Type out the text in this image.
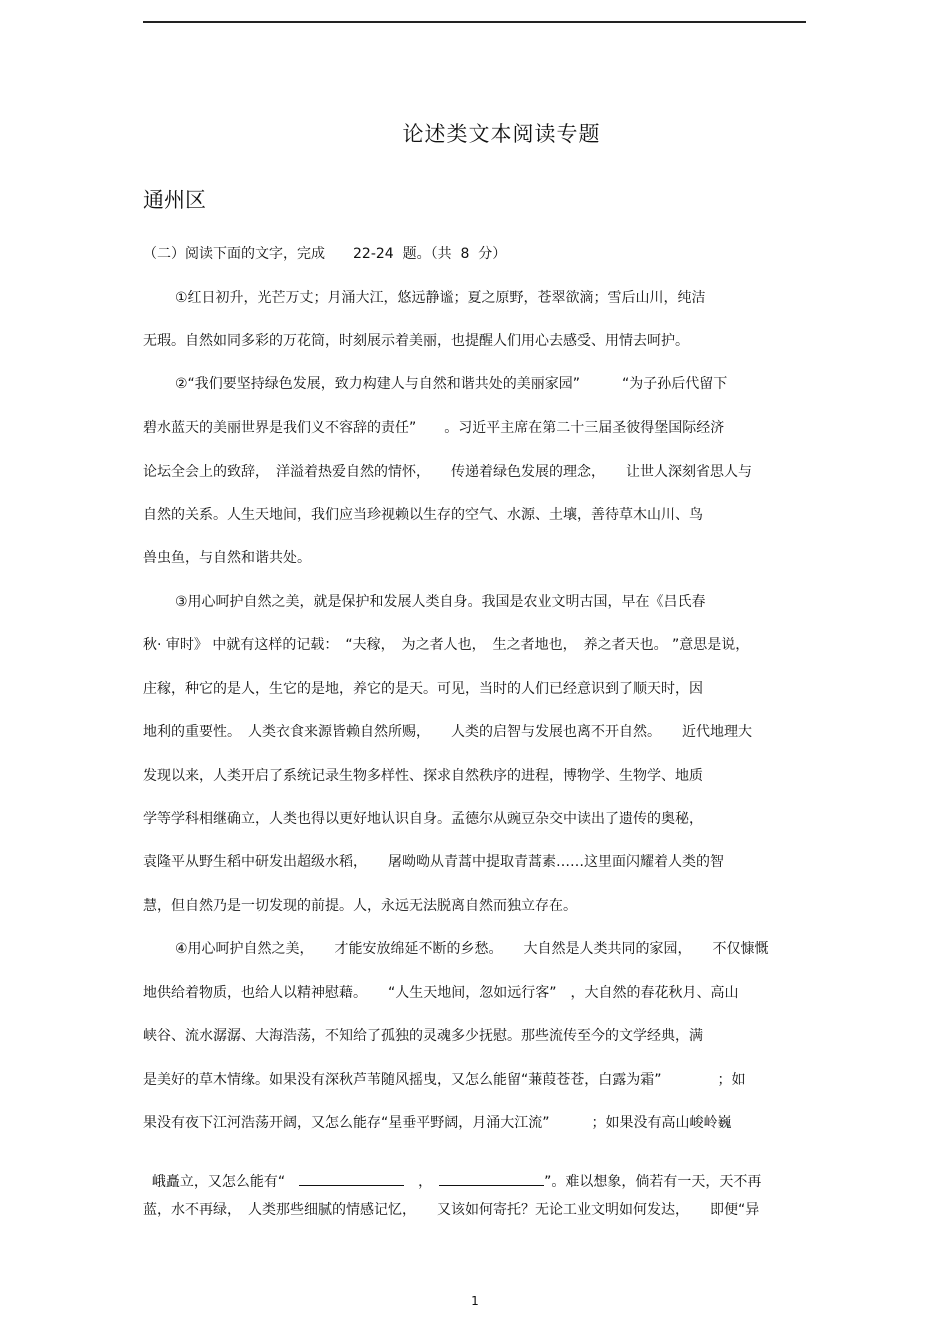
论述类文本阅读专题
通州区
（二）阅读下面的文字，完成　　22-24  题。（共  8  分）
①红日初升，光芒万丈；月涌大江，悠远静谧；夏之原野，苍翠欲滴；雪后山川，纯洁
无瑕。自然如同多彩的万花筒，时刻展示着美丽，也提醒人们用心去感受、用情去呵护。
②“我们要坚持绿色发展，致力构建人与自然和谐共处的美丽家园”　　　“为子孙后代留下
碧水蓝天的美丽世界是我们义不容辞的责任”　　。习近平主席在第二十三届圣彼得堡国际经济
论坛全会上的致辞，　洋溢着热爱自然的情怀，　　传递着绿色发展的理念，　　让世人深刻省思人与
自然的关系。人生天地间，我们应当珍视赖以生存的空气、水源、土壤，善待草木山川、鸟
兽虫鱼，与自然和谐共处。
③用心呵护自然之美，就是保护和发展人类自身。我国是农业文明古国，早在《吕氏春
秋· 审时》 中就有这样的记载：　“夫稼，　为之者人也，　生之者地也，　养之者天也。 ”意思是说，
庄稼，种它的是人，生它的是地，养它的是天。可见，当时的人们已经意识到了顺天时，因
地利的重要性。　人类衣食来源皆赖自然所赐，　　人类的启智与发展也离不开自然。　　近代地理大
发现以来，人类开启了系统记录生物多样性、探求自然秩序的进程，博物学、生物学、地质
学等学科相继确立，人类也得以更好地认识自身。孟德尔从豌豆杂交中读出了遗传的奥秘，
袁隆平从野生稻中研发出超级水稻，　　屠呦呦从青蒿中提取青蒿素……这里面闪耀着人类的智
慧，但自然乃是一切发现的前提。人，永远无法脱离自然而独立存在。
④用心呵护自然之美，　　才能安放绵延不断的乡愁。　　大自然是人类共同的家园，　　不仅慷慨
地供给着物质，也给人以精神慰藉。　　“人生天地间，忽如远行客”　，大自然的春花秋月、高山
峡谷、流水潺潺、大海浩荡，不知给了孤独的灵魂多少抚慰。那些流传至今的文学经典，满
是美好的草木情缘。如果没有深秋芦苇随风摇曳，又怎么能留“蒹葭苍苍，白露为霜”　　　　；如
果没有夜下江河浩荡开阔，又怎么能存“星垂平野阔，月涌大江流”　　　；如果没有高山峻岭巍

峨矗立，又怎么能有“　	　，　	”。难以想象，倘若有一天，天不再

蓝，水不再绿，　人类那些细腻的情感记忆，　　又该如何寄托？无论工业文明如何发达，　　即便“异
1
